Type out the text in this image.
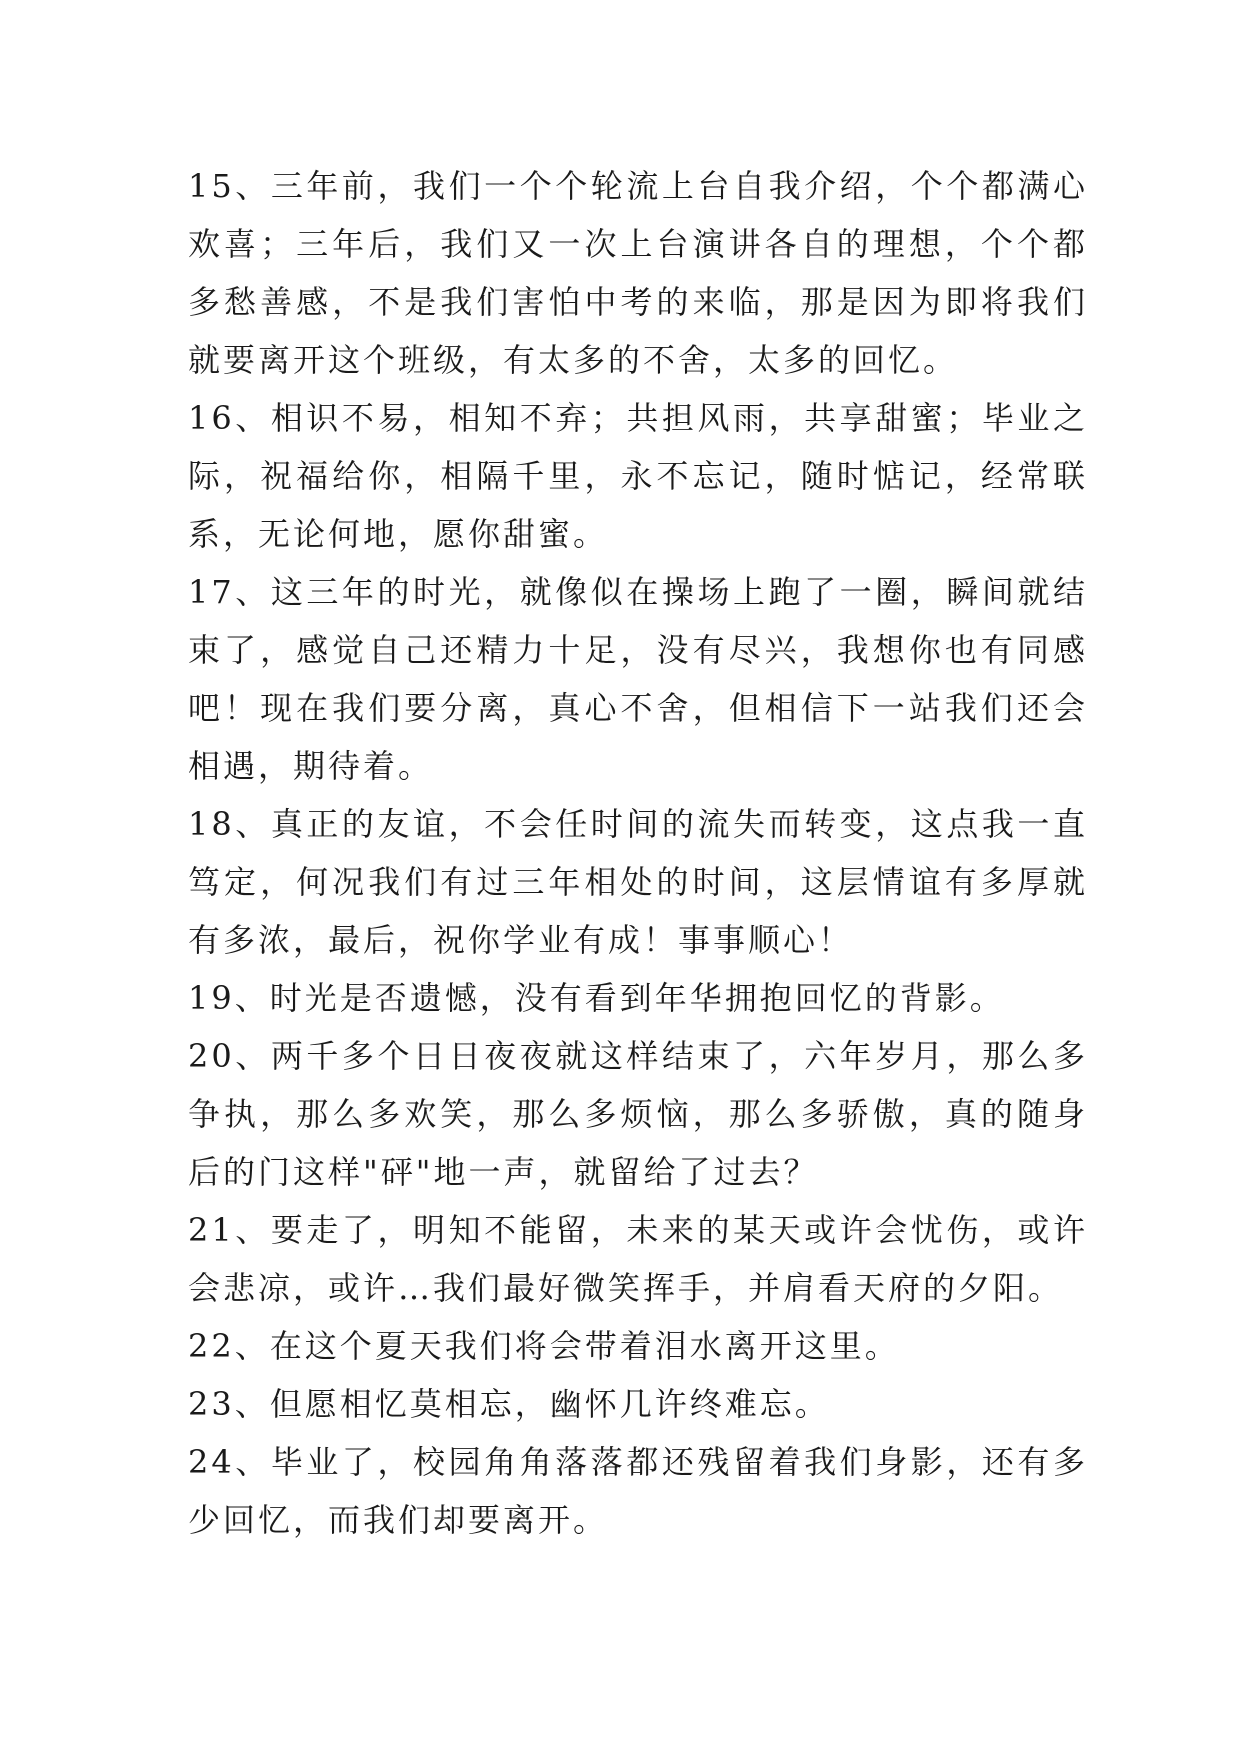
15、三年前，我们一个个轮流上台自我介绍，个个都满心欢喜；三年后，我们又一次上台演讲各自的理想，个个都多愁善感，不是我们害怕中考的来临，那是因为即将我们就要离开这个班级，有太多的不舍，太多的回忆。

16、相识不易，相知不弃；共担风雨，共享甜蜜；毕业之际，祝福给你，相隔千里，永不忘记，随时惦记，经常联系，无论何地，愿你甜蜜。

17、这三年的时光，就像似在操场上跑了一圈，瞬间就结束了，感觉自己还精力十足，没有尽兴，我想你也有同感吧！现在我们要分离，真心不舍，但相信下一站我们还会相遇，期待着。

18、真正的友谊，不会任时间的流失而转变，这点我一直笃定，何况我们有过三年相处的时间，这层情谊有多厚就有多浓，最后，祝你学业有成！事事顺心！

19、时光是否遗憾，没有看到年华拥抱回忆的背影。

20、两千多个日日夜夜就这样结束了，六年岁月，那么多争执，那么多欢笑，那么多烦恼，那么多骄傲，真的随身后的门这样"砰"地一声，就留给了过去？

21、要走了，明知不能留，未来的某天或许会忧伤，或许会悲凉，或许…我们最好微笑挥手，并肩看天府的夕阳。

22、在这个夏天我们将会带着泪水离开这里。

23、但愿相忆莫相忘，幽怀几许终难忘。

24、毕业了，校园角角落落都还残留着我们身影，还有多少回忆，而我们却要离开。
